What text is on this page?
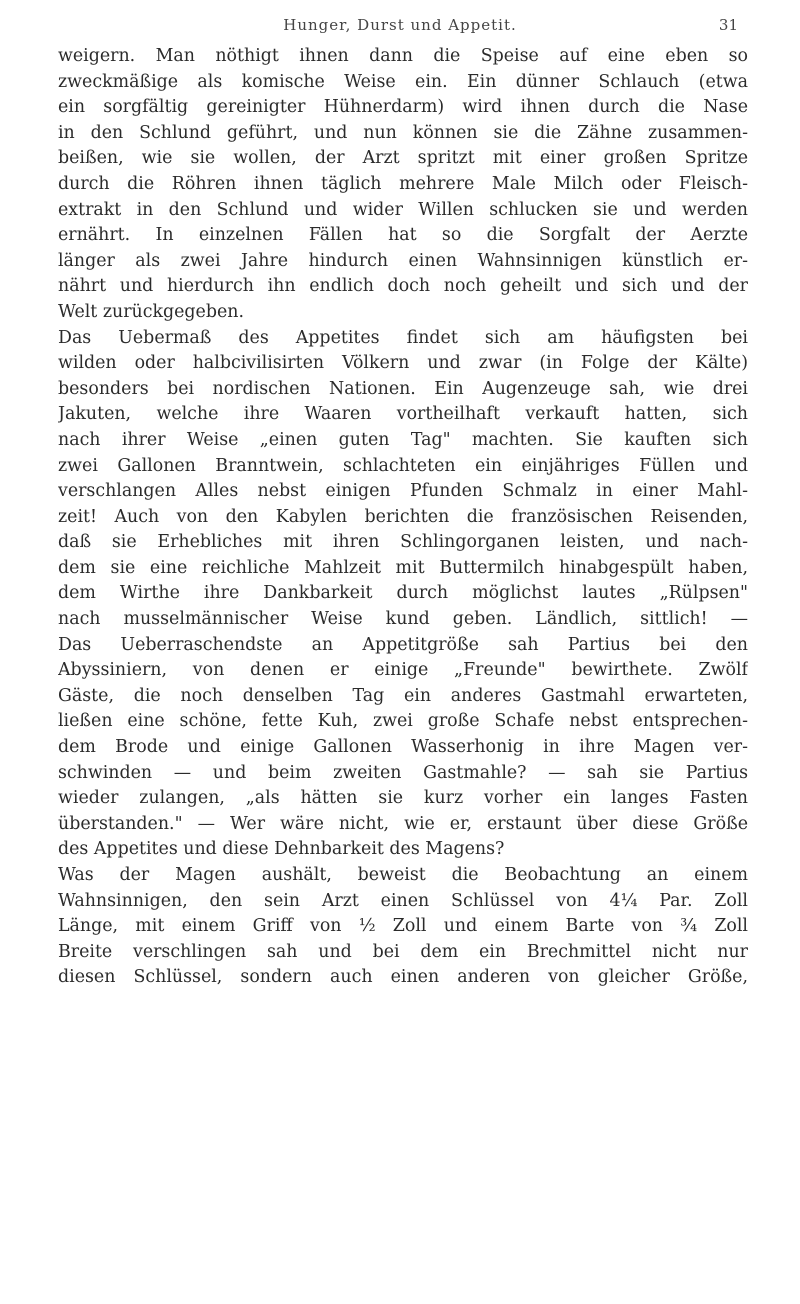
Hunger, Durst und Appetit.	31
weigern. Man nöthigt ihnen dann die Speise auf eine eben so
zweckmäßige als komische Weise ein. Ein dünner Schlauch (etwa
ein sorgfältig gereinigter Hühnerdarm) wird ihnen durch die Nase
in den Schlund geführt, und nun können sie die Zähne zusammen-
beißen, wie sie wollen, der Arzt spritzt mit einer großen Spritze
durch die Röhren ihnen täglich mehrere Male Milch oder Fleisch-
extrakt in den Schlund und wider Willen schlucken sie und werden
ernährt. In einzelnen Fällen hat so die Sorgfalt der Aerzte
länger als zwei Jahre hindurch einen Wahnsinnigen künstlich er-
nährt und hierdurch ihn endlich doch noch geheilt und sich und der
Welt zurückgegeben.
Das Uebermaß des Appetites findet sich am häufigsten bei
wilden oder halbcivilisirten Völkern und zwar (in Folge der Kälte)
besonders bei nordischen Nationen. Ein Augenzeuge sah, wie drei
Jakuten, welche ihre Waaren vortheilhaft verkauft hatten, sich
nach ihrer Weise „einen guten Tag" machten. Sie kauften sich
zwei Gallonen Branntwein, schlachteten ein einjähriges Füllen und
verschlangen Alles nebst einigen Pfunden Schmalz in einer Mahl-
zeit! Auch von den Kabylen berichten die französischen Reisenden,
daß sie Erhebliches mit ihren Schlingorganen leisten, und nach-
dem sie eine reichliche Mahlzeit mit Buttermilch hinabgespült haben,
dem Wirthe ihre Dankbarkeit durch möglichst lautes „Rülpsen"
nach musselmännischer Weise kund geben. Ländlich, sittlich! —
Das Ueberraschendste an Appetitgröße sah Partius bei den
Abyssiniern, von denen er einige „Freunde" bewirthete. Zwölf
Gäste, die noch denselben Tag ein anderes Gastmahl erwarteten,
ließen eine schöne, fette Kuh, zwei große Schafe nebst entsprechen-
dem Brode und einige Gallonen Wasserhonig in ihre Magen ver-
schwinden — und beim zweiten Gastmahle? — sah sie Partius
wieder zulangen, „als hätten sie kurz vorher ein langes Fasten
überstanden." — Wer wäre nicht, wie er, erstaunt über diese Größe
des Appetites und diese Dehnbarkeit des Magens?
Was der Magen aushält, beweist die Beobachtung an einem
Wahnsinnigen, den sein Arzt einen Schlüssel von 4¼ Par. Zoll
Länge, mit einem Griff von ½ Zoll und einem Barte von ¾ Zoll
Breite verschlingen sah und bei dem ein Brechmittel nicht nur
diesen Schlüssel, sondern auch einen anderen von gleicher Größe,
